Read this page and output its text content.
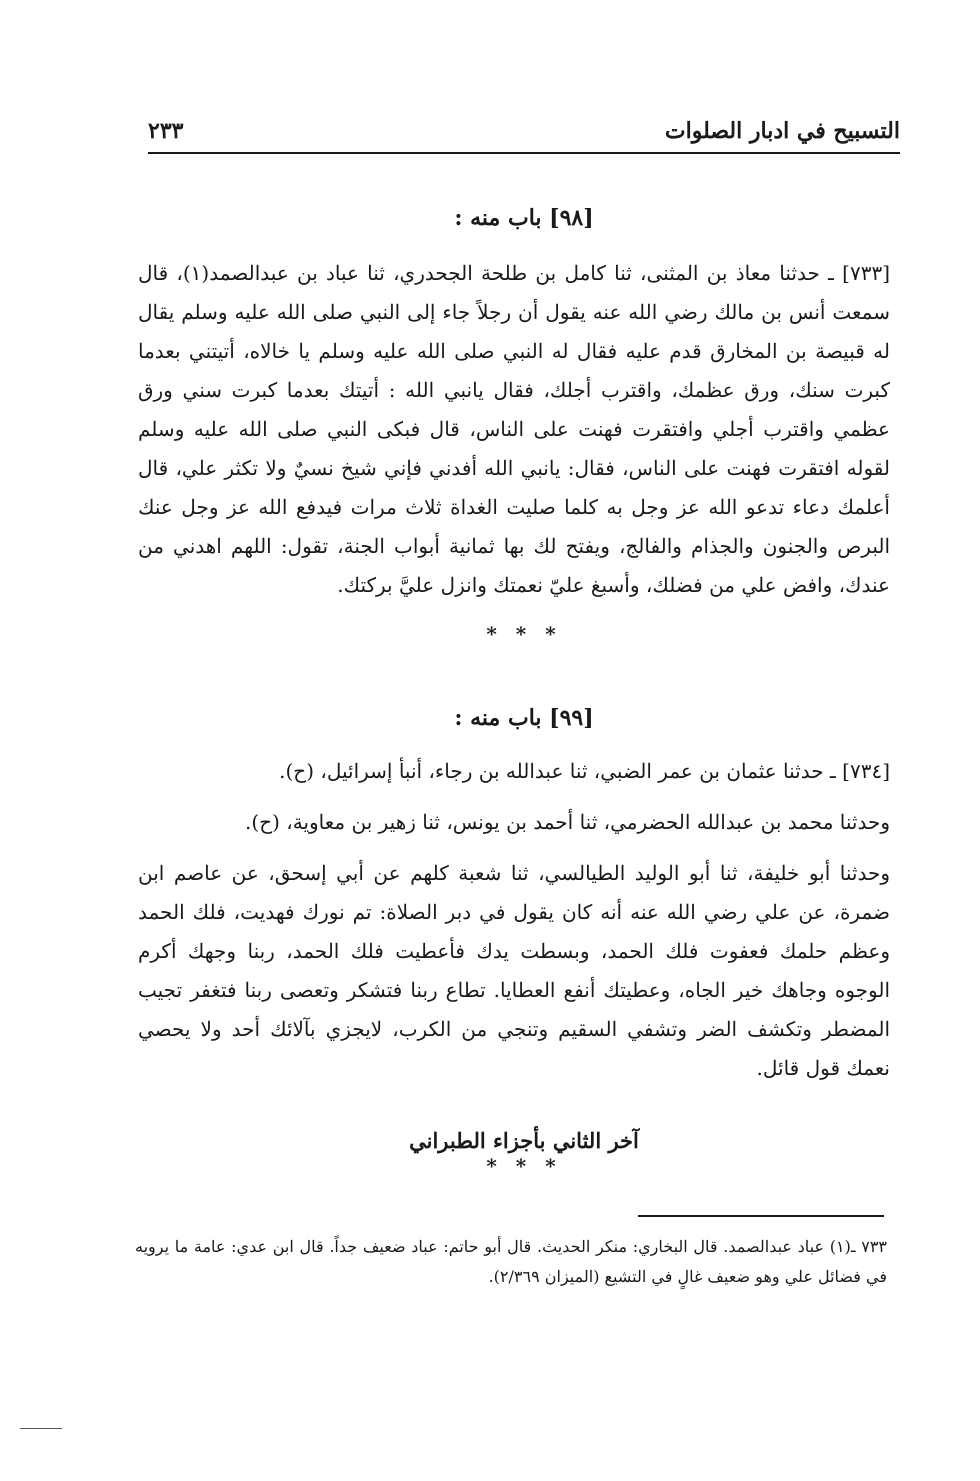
التسبيح في ادبار الصلوات
٢٣٣
[٩٨] باب منه :
[٧٣٣] ـ حدثنا معاذ بن المثنى، ثنا كامل بن طلحة الجحدري، ثنا عباد بن عبدالصمد(١)، قال سمعت أنس بن مالك رضي الله عنه يقول أن رجلاً جاء إلى النبي صلى الله عليه وسلم يقال له قبيصة بن المخارق قدم عليه فقال له النبي صلى الله عليه وسلم يا خالاه، أتيتني بعدما كبرت سنك، ورق عظمك، واقترب أجلك، فقال يانبي الله : أتيتك بعدما كبرت سني ورق عظمي واقترب أجلي وافتقرت فهنت على الناس، قال فبكى النبي صلى الله عليه وسلم لقوله افتقرت فهنت على الناس، فقال: يانبي الله أفدني فإني شيخ نسيٌ ولا تكثر علي، قال أعلمك دعاء تدعو الله عز وجل به كلما صليت الغداة ثلاث مرات فيدفع الله عز وجل عنك البرص والجنون والجذام والفالج، ويفتح لك بها ثمانية أبواب الجنة، تقول: اللهم اهدني من عندك، وافض علي من فضلك، وأسبغ عليّ نعمتك وانزل عليَّ بركتك.
* * *
[٩٩] باب منه :
[٧٣٤] ـ حدثنا عثمان بن عمر الضبي، ثنا عبدالله بن رجاء، أنبأ إسرائيل، (ح).
وحدثنا محمد بن عبدالله الحضرمي، ثنا أحمد بن يونس، ثنا زهير بن معاوية، (ح).
وحدثنا أبو خليفة، ثنا أبو الوليد الطيالسي، ثنا شعبة كلهم عن أبي إسحق، عن عاصم ابن ضمرة، عن علي رضي الله عنه أنه كان يقول في دبر الصلاة: تم نورك فهديت، فلك الحمد وعظم حلمك فعفوت فلك الحمد، وبسطت يدك فأعطيت فلك الحمد، ربنا وجهك أكرم الوجوه وجاهك خير الجاه، وعطيتك أنفع العطايا. تطاع ربنا فتشكر وتعصى ربنا فتغفر تجيب المضطر وتكشف الضر وتشفي السقيم وتنجي من الكرب، لايجزي بآلائك أحد ولا يحصي نعمك قول قائل.
آخر الثاني بأجزاء الطبراني
* * *
٧٣٣ ـ(١) عباد عبدالصمد. قال البخاري: منكر الحديث. قال أبو حاتم: عباد ضعيف جداً. قال ابن عدي: عامة ما يرويه في فضائل علي وهو ضعيف غالٍ في التشيع (الميزان ٢/٣٦٩).
